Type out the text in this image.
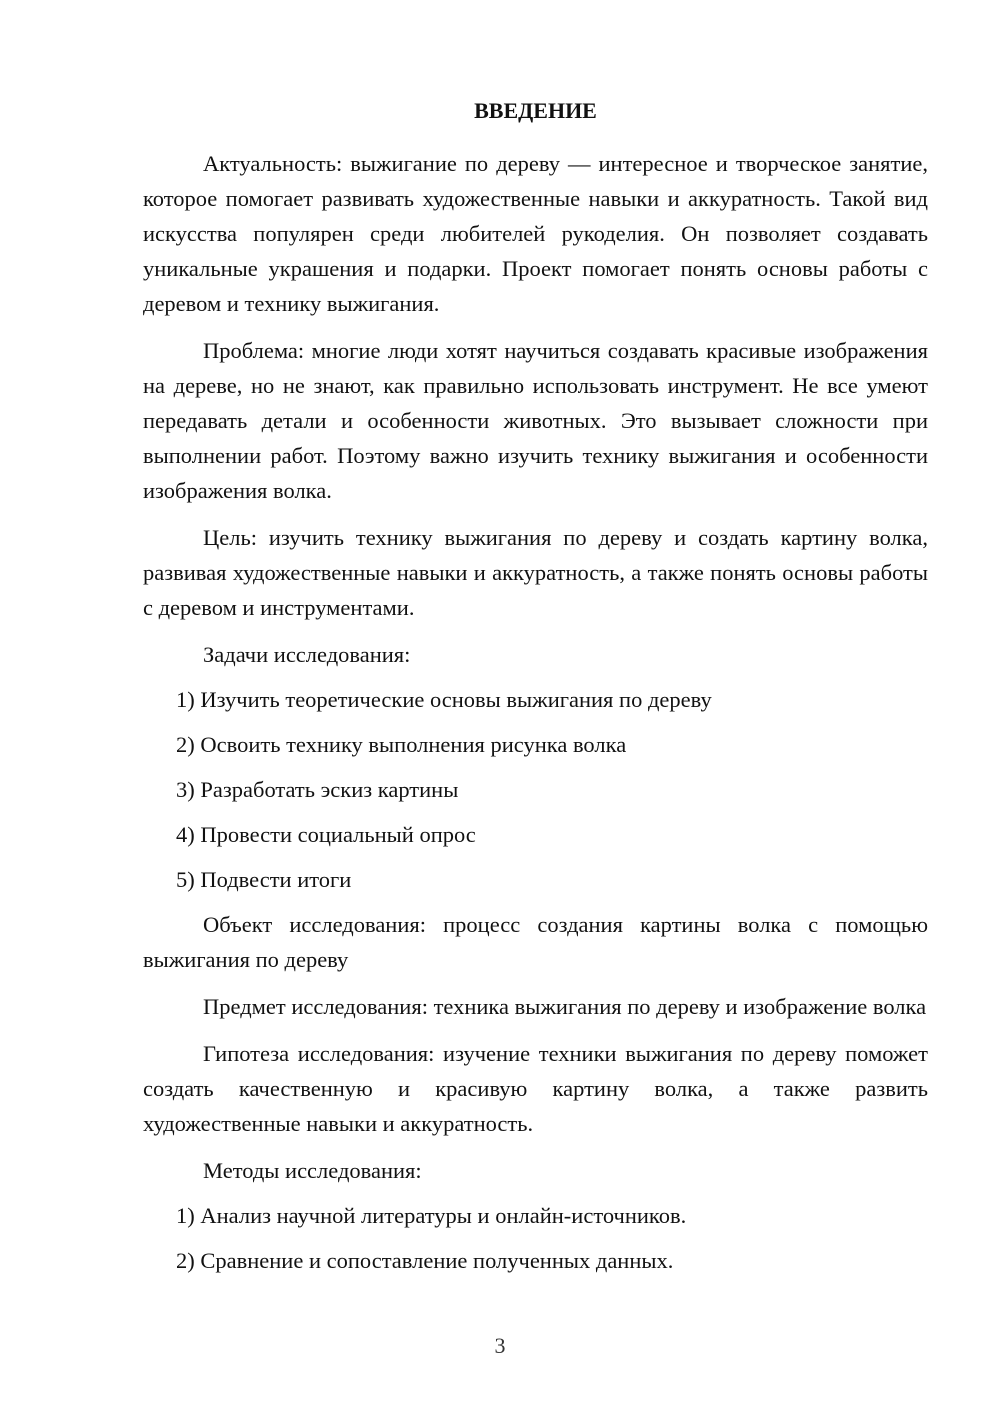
ВВЕДЕНИЕ

Актуальность: выжигание по дереву — интересное и творческое занятие, которое помогает развивать художественные навыки и аккуратность. Такой вид искусства популярен среди любителей рукоделия. Он позволяет создавать уникальные украшения и подарки. Проект помогает понять основы работы с деревом и технику выжигания.

Проблема: многие люди хотят научиться создавать красивые изображения на дереве, но не знают, как правильно использовать инструмент. Не все умеют передавать детали и особенности животных. Это вызывает сложности при выполнении работ. Поэтому важно изучить технику выжигания и особенности изображения волка.

Цель: изучить технику выжигания по дереву и создать картину волка, развивая художественные навыки и аккуратность, а также понять основы работы с деревом и инструментами.

Задачи исследования:
1) Изучить теоретические основы выжигания по дереву
2) Освоить технику выполнения рисунка волка
3) Разработать эскиз картины
4) Провести социальный опрос
5) Подвести итоги

Объект исследования: процесс создания картины волка с помощью выжигания по дереву

Предмет исследования: техника выжигания по дереву и изображение волка

Гипотеза исследования: изучение техники выжигания по дереву поможет создать качественную и красивую картину волка, а также развить художественные навыки и аккуратность.

Методы исследования:
1) Анализ научной литературы и онлайн-источников.
2) Сравнение и сопоставление полученных данных.
3
